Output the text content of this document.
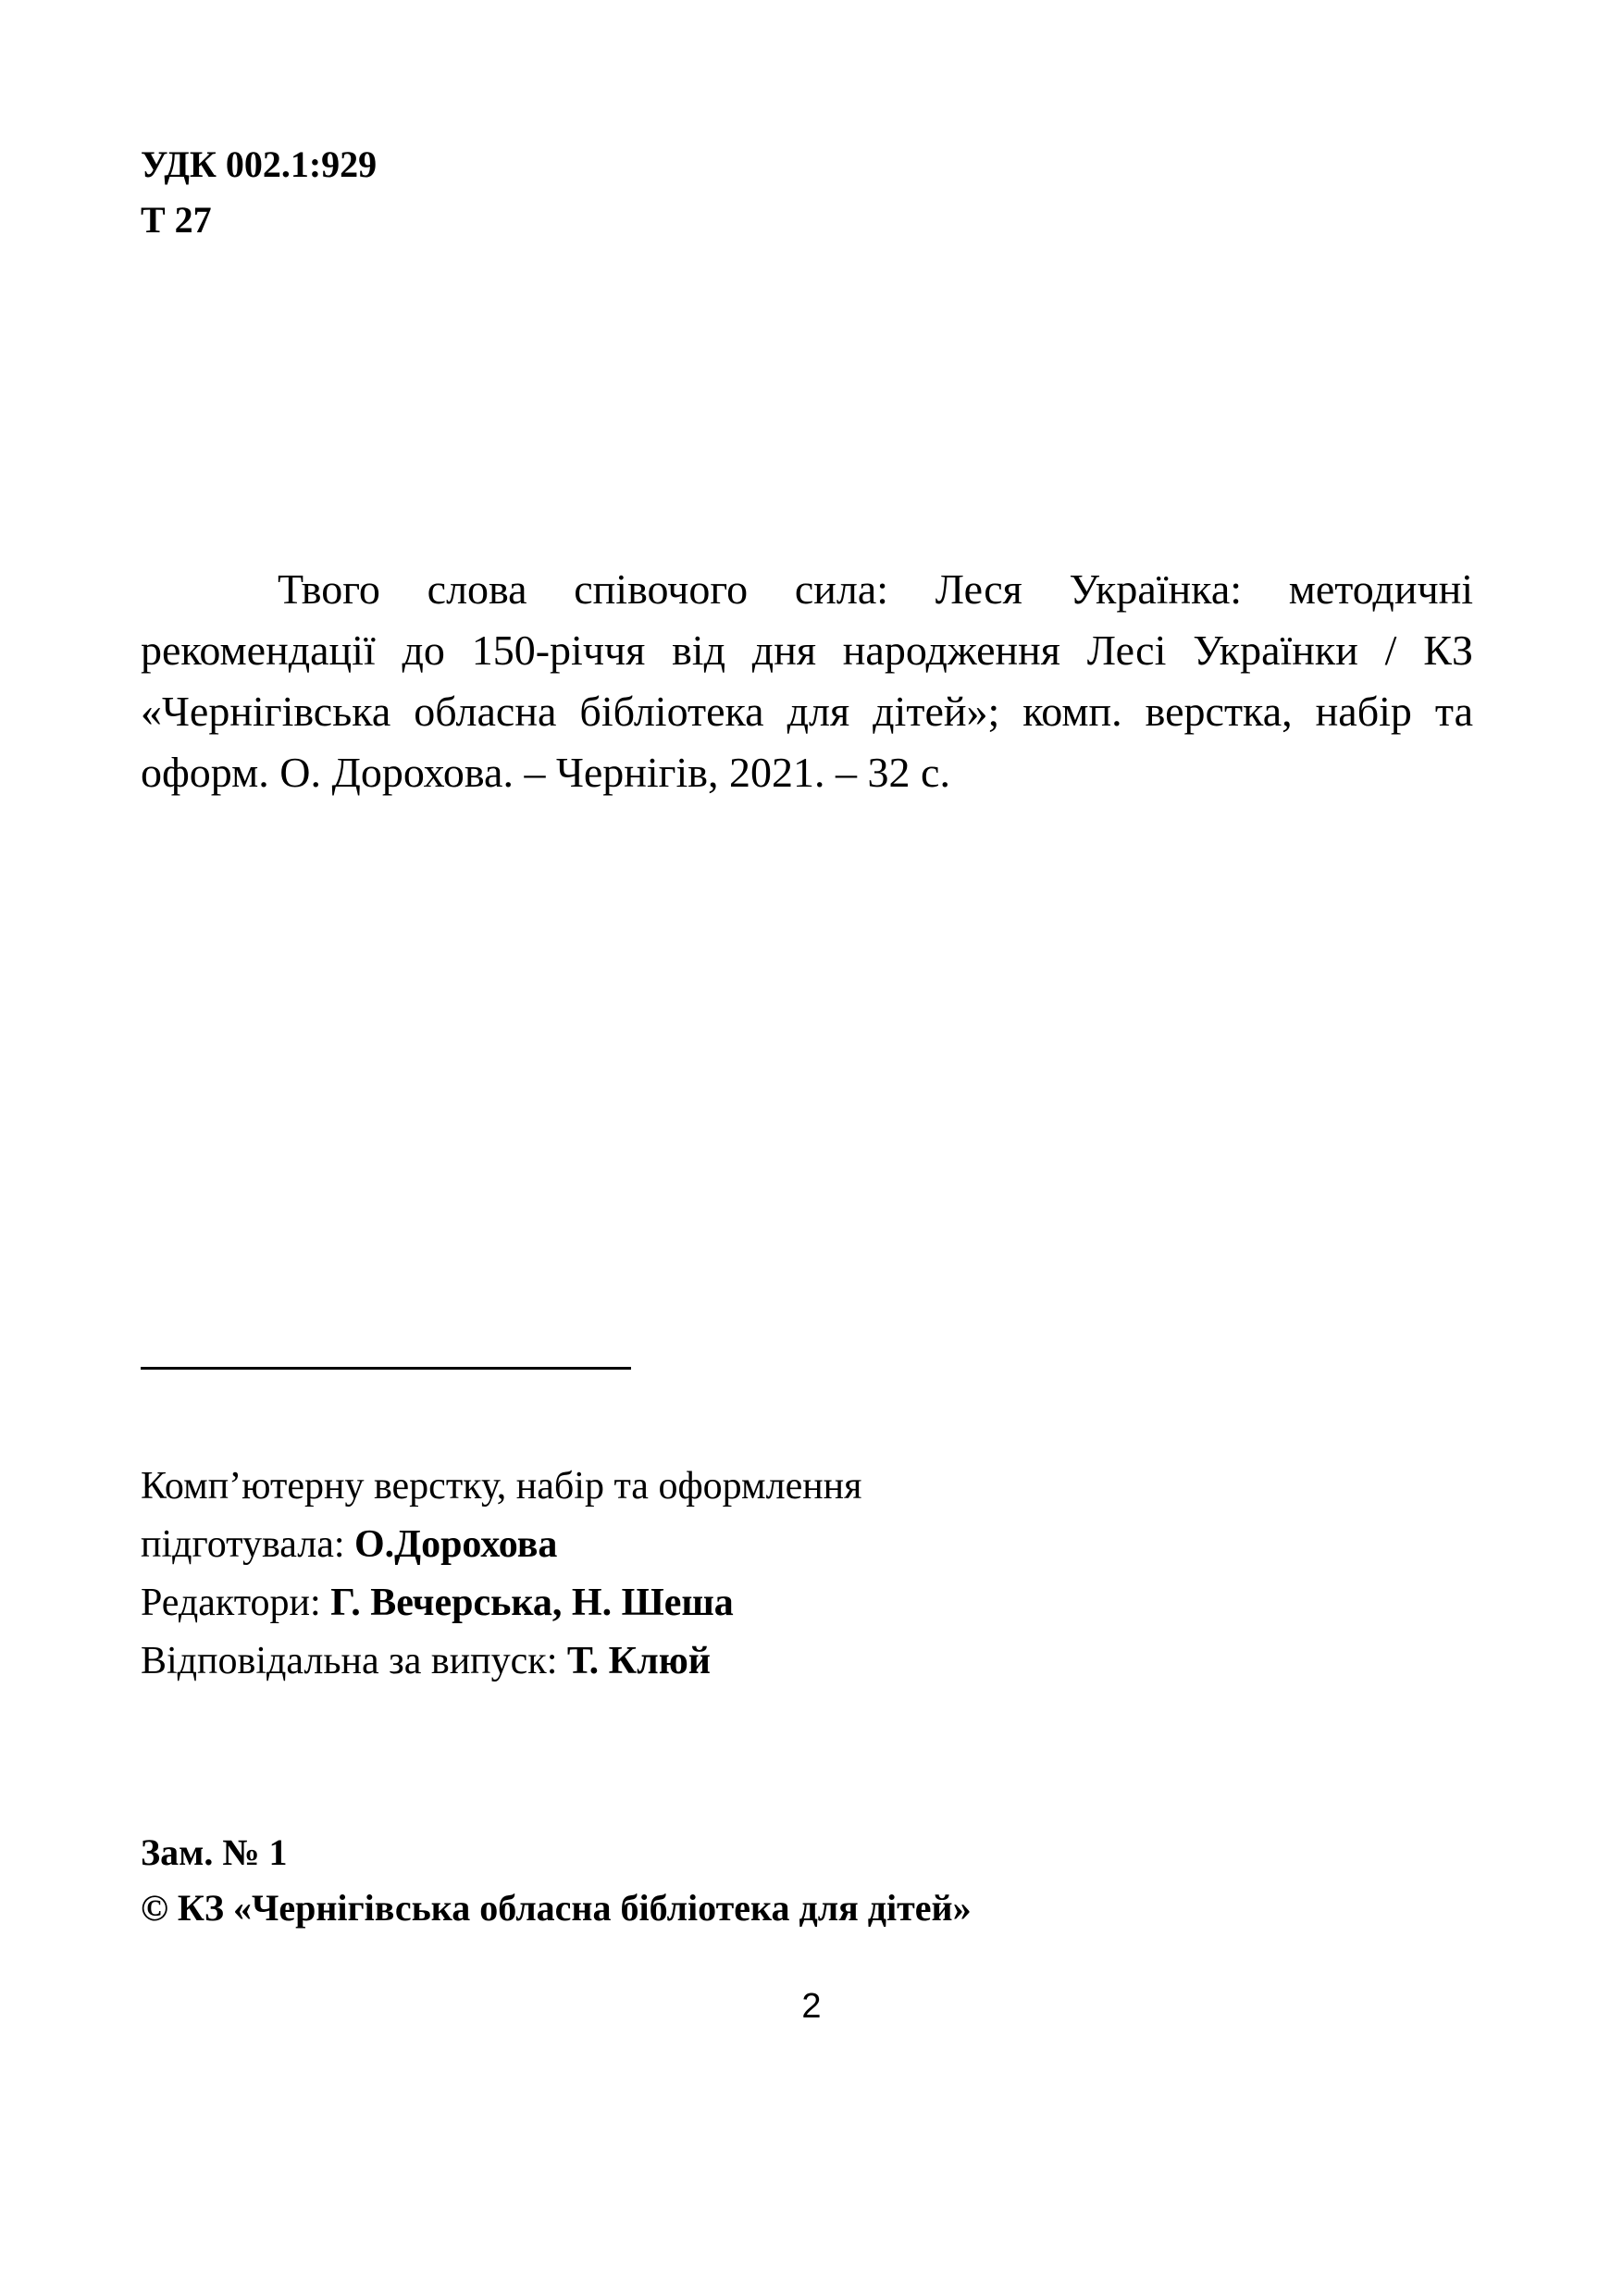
УДК 002.1:929
Т 27
Твого слова співочого сила: Леся Українка: методичні рекомендації до 150-річчя від дня народження Лесі Українки / КЗ «Чернігівська обласна бібліотека для дітей»; комп. верстка, набір та оформ. О. Дорохова. – Чернігів, 2021. – 32 с.
Комп’ютерну верстку, набір та оформлення
підготувала: О.Дорохова
Редактори: Г. Вечерська, Н. Шеша
Відповідальна за випуск: Т. Клюй
Зам. № 1
© КЗ «Чернігівська обласна бібліотека для дітей»
2
